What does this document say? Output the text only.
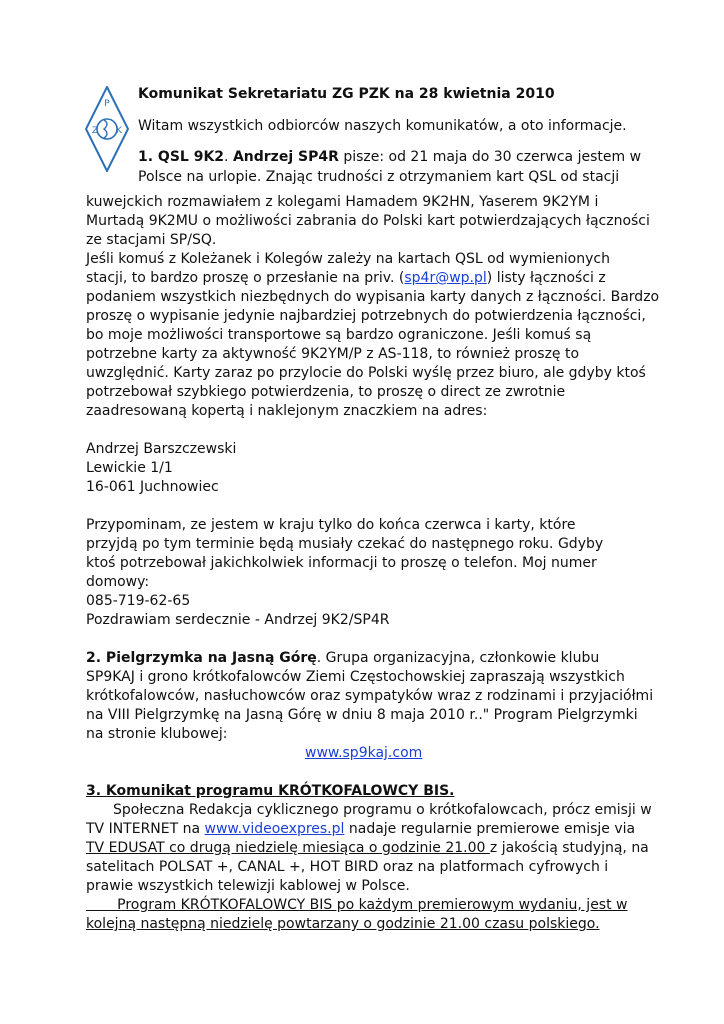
P
Z K
Komunikat Sekretariatu ZG PZK na 28 kwietnia 2010
Witam wszystkich odbiorców naszych komunikatów, a oto informacje.
1. QSL 9K2. Andrzej SP4R pisze: od 21 maja do 30 czerwca jestem w
Polsce na urlopie. Znając trudności z otrzymaniem kart QSL od stacji
kuwejckich rozmawiałem z kolegami Hamadem 9K2HN, Yaserem 9K2YM i
Murtadą 9K2MU o możliwości zabrania do Polski kart potwierdzających łączności
ze stacjami SP/SQ.
Jeśli komuś z Koleżanek i Kolegów zależy na kartach QSL od wymienionych
stacji, to bardzo proszę o przesłanie na priv. (sp4r@wp.pl) listy łączności z
podaniem wszystkich niezbędnych do wypisania karty danych z łączności. Bardzo
proszę o wypisanie jedynie najbardziej potrzebnych do potwierdzenia łączności,
bo moje możliwości transportowe są bardzo ograniczone. Jeśli komuś są
potrzebne karty za aktywność 9K2YM/P z AS-118, to również proszę to
uwzględnić. Karty zaraz po przylocie do Polski wyślę przez biuro, ale gdyby ktoś
potrzebował szybkiego potwierdzenia, to proszę o direct ze zwrotnie
zaadresowaną kopertą i naklejonym znaczkiem na adres:
Andrzej Barszczewski
Lewickie 1/1
16-061 Juchnowiec
Przypominam, ze jestem w kraju tylko do końca czerwca i karty, które
przyjdą po tym terminie będą musiały czekać do następnego roku. Gdyby
ktoś potrzebował jakichkolwiek informacji to proszę o telefon. Moj numer
domowy:
085-719-62-65
Pozdrawiam serdecznie - Andrzej 9K2/SP4R
2. Pielgrzymka na Jasną Górę. Grupa organizacyjna, członkowie klubu
SP9KAJ i grono krótkofalowców Ziemi Częstochowskiej zapraszają wszystkich
krótkofalowców, nasłuchowców oraz sympatyków wraz z rodzinami i przyjaciółmi
na VIII Pielgrzymkę na Jasną Górę w dniu 8 maja 2010 r.." Program Pielgrzymki
na stronie klubowej:
www.sp9kaj.com
3. Komunikat programu KRÓTKOFALOWCY BIS.
Społeczna Redakcja cyklicznego programu o krótkofalowcach, prócz emisji w
TV INTERNET na www.videoexpres.pl nadaje regularnie premierowe emisje via
TV EDUSAT co drugą niedzielę miesiąca o godzinie 21.00 z jakością studyjną, na
satelitach POLSAT +, CANAL +, HOT BIRD oraz na platformach cyfrowych i
prawie wszystkich telewizji kablowej w Polsce.
Program KRÓTKOFALOWCY BIS po każdym premierowym wydaniu, jest w
kolejną następną niedzielę powtarzany o godzinie 21.00 czasu polskiego.
